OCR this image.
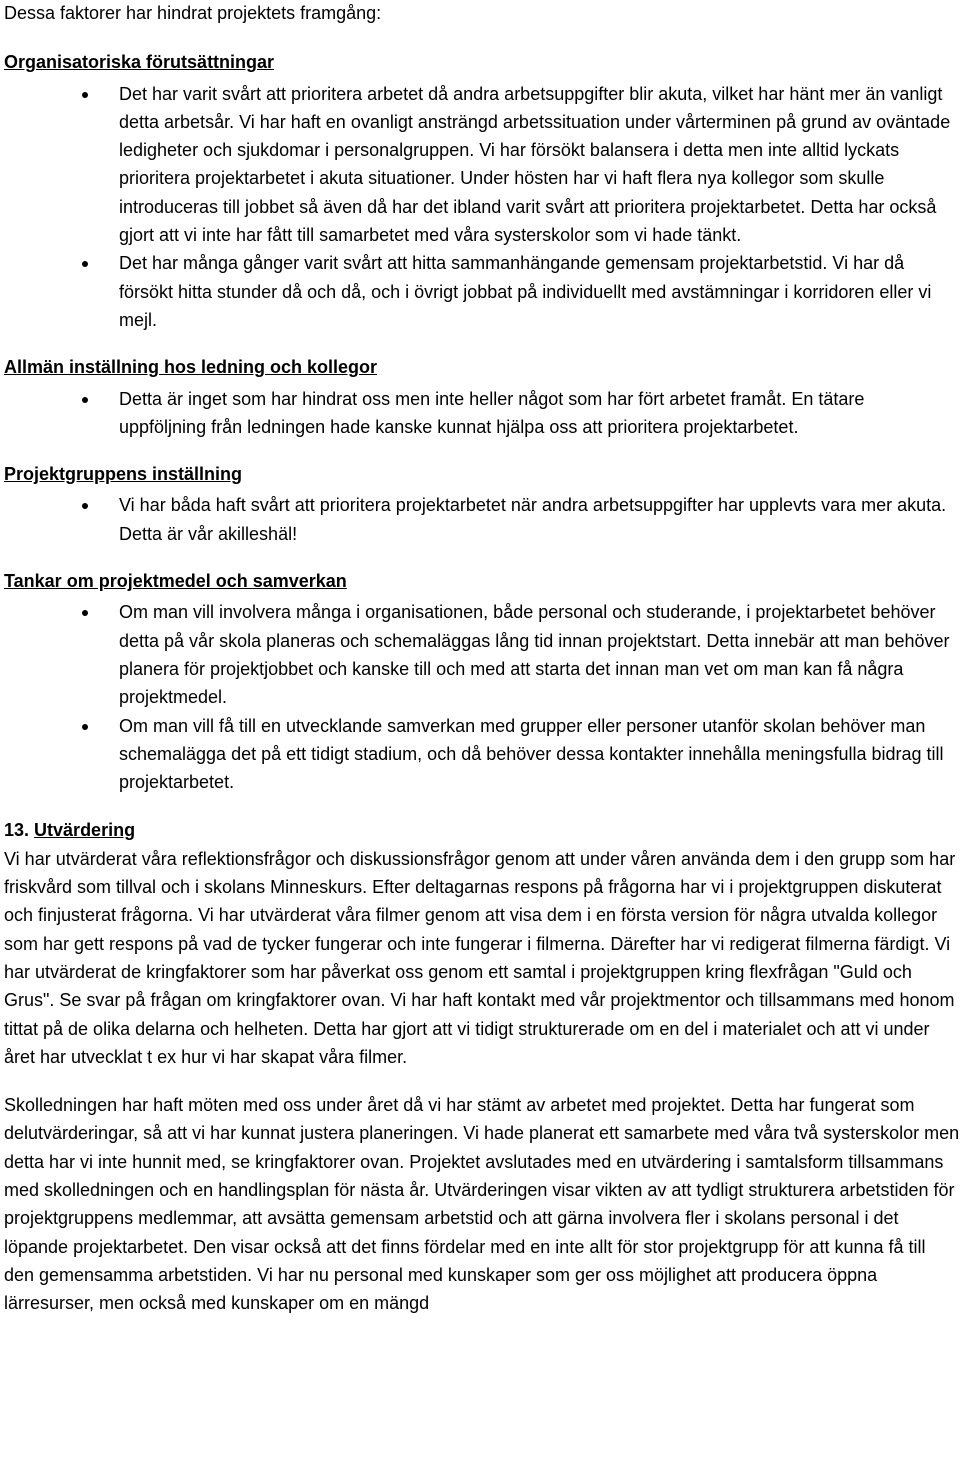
Dessa faktorer har hindrat projektets framgång:

Organisatoriska förutsättningar

Det har varit svårt att prioritera arbetet då andra arbetsuppgifter blir akuta, vilket har hänt mer än vanligt detta arbetsår. Vi har haft en ovanligt ansträngd arbetssituation under vårterminen på grund av oväntade ledigheter och sjukdomar i personalgruppen. Vi har försökt balansera i detta men inte alltid lyckats prioritera projektarbetet i akuta situationer. Under hösten har vi haft flera nya kollegor som skulle introduceras till jobbet så även då har det ibland varit svårt att prioritera projektarbetet. Detta har också gjort att vi inte har fått till samarbetet med våra systerskolor som vi hade tänkt.
Det har många gånger varit svårt att hitta sammanhängande gemensam projektarbetstid. Vi har då försökt hitta stunder då och då, och i övrigt jobbat på individuellt med avstämningar i korridoren eller vi mejl.

Allmän inställning hos ledning och kollegor

Detta är inget som har hindrat oss men inte heller något som har fört arbetet framåt. En tätare uppföljning från ledningen hade kanske kunnat hjälpa oss att prioritera projektarbetet.

Projektgruppens inställning

Vi har båda haft svårt att prioritera projektarbetet när andra arbetsuppgifter har upplevts vara mer akuta. Detta är vår akilleshäl!

Tankar om projektmedel och samverkan

Om man vill involvera många i organisationen, både personal och studerande, i projektarbetet behöver detta på vår skola planeras och schemaläggas lång tid innan projektstart. Detta innebär att man behöver planera för projektjobbet och kanske till och med att starta det innan man vet om man kan få några projektmedel.
Om man vill få till en utvecklande samverkan med grupper eller personer utanför skolan behöver man schemalägga det på ett tidigt stadium, och då behöver dessa kontakter innehålla meningsfulla bidrag till projektarbetet.

13. Utvärdering

Vi har utvärderat våra reflektionsfrågor och diskussionsfrågor genom att under våren använda dem i den grupp som har friskvård som tillval och i skolans Minneskurs. Efter deltagarnas respons på frågorna har vi i projektgruppen diskuterat och finjusterat frågorna. Vi har utvärderat våra filmer genom att visa dem i en första version för några utvalda kollegor som har gett respons på vad de tycker fungerar och inte fungerar i filmerna. Därefter har vi redigerat filmerna färdigt. Vi har utvärderat de kringfaktorer som har påverkat oss genom ett samtal i projektgruppen kring flexfrågan "Guld och Grus". Se svar på frågan om kringfaktorer ovan. Vi har haft kontakt med vår projektmentor och tillsammans med honom tittat på de olika delarna och helheten. Detta har gjort att vi tidigt strukturerade om en del i materialet och att vi under året har utvecklat t ex hur vi har skapat våra filmer.

Skolledningen har haft möten med oss under året då vi har stämt av arbetet med projektet. Detta har fungerat som delutvärderingar, så att vi har kunnat justera planeringen. Vi hade planerat ett samarbete med våra två systerskolor men detta har vi inte hunnit med, se kringfaktorer ovan. Projektet avslutades med en utvärdering i samtalsform tillsammans med skolledningen och en handlingsplan för nästa år. Utvärderingen visar vikten av att tydligt strukturera arbetstiden för projektgruppens medlemmar, att avsätta gemensam arbetstid och att gärna involvera fler i skolans personal i det löpande projektarbetet. Den visar också att det finns fördelar med en inte allt för stor projektgrupp för att kunna få till den gemensamma arbetstiden. Vi har nu personal med kunskaper som ger oss möjlighet att producera öppna lärresurser, men också med kunskaper om en mängd
